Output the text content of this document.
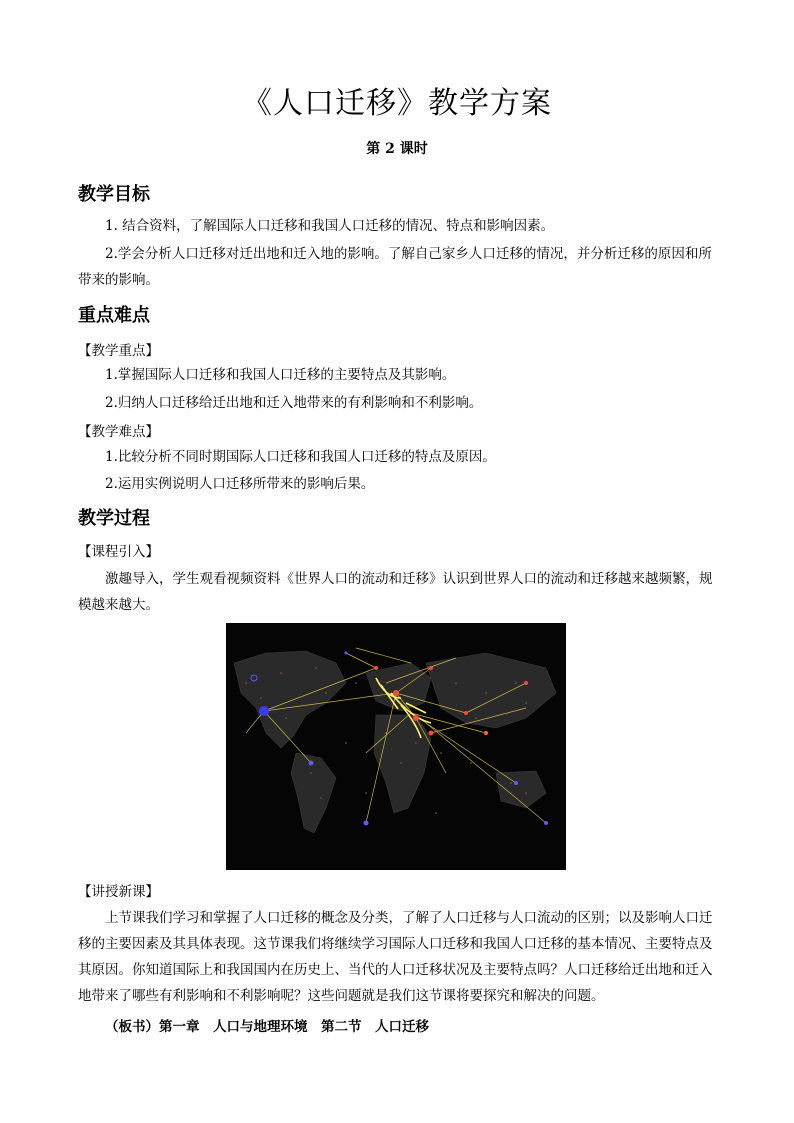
《人口迁移》教学方案
第 2 课时
教学目标
1. 结合资料，了解国际人口迁移和我国人口迁移的情况、特点和影响因素。
2.学会分析人口迁移对迁出地和迁入地的影响。了解自己家乡人口迁移的情况，并分析迁移的原因和所带来的影响。
重点难点
【教学重点】
1.掌握国际人口迁移和我国人口迁移的主要特点及其影响。
2.归纳人口迁移给迁出地和迁入地带来的有利影响和不利影响。
【教学难点】
1.比较分析不同时期国际人口迁移和我国人口迁移的特点及原因。
2.运用实例说明人口迁移所带来的影响后果。
教学过程
【课程引入】
激趣导入，学生观看视频资料《世界人口的流动和迁移》认识到世界人口的流动和迁移越来越频繁，规模越来越大。
【讲授新课】
上节课我们学习和掌握了人口迁移的概念及分类，了解了人口迁移与人口流动的区别；以及影响人口迁移的主要因素及其具体表现。这节课我们将继续学习国际人口迁移和我国人口迁移的基本情况、主要特点及其原因。你知道国际上和我国国内在历史上、当代的人口迁移状况及主要特点吗？人口迁移给迁出地和迁入地带来了哪些有利影响和不利影响呢？这些问题就是我们这节课将要探究和解决的问题。
（板书）第一章　人口与地理环境　第二节　人口迁移
